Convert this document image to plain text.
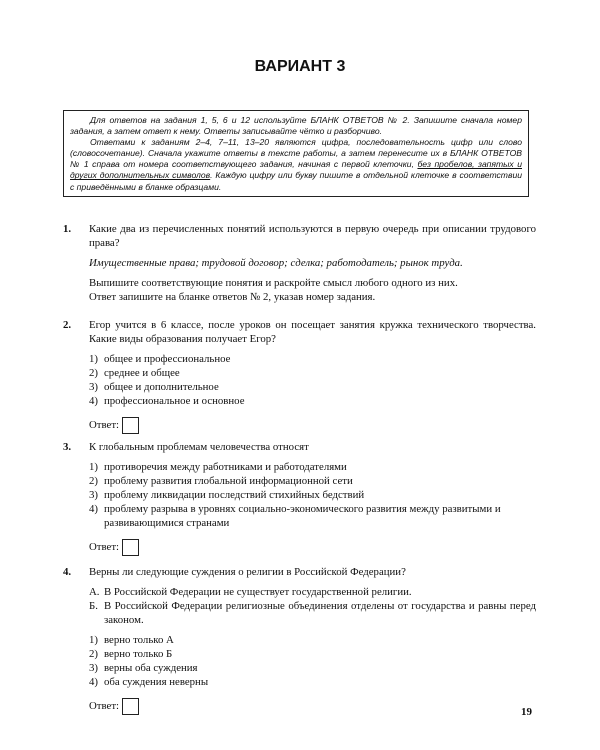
ВАРИАНТ 3

Для ответов на задания 1, 5, 6 и 12 используйте БЛАНК ОТВЕТОВ № 2. Запишите сначала номер задания, а затем ответ к нему. Ответы записывайте чётко и разборчиво.

Ответами к заданиям 2–4, 7–11, 13–20 являются цифра, последовательность цифр или слово (словосочетание). Сначала укажите ответы в тексте работы, а затем перенесите их в БЛАНК ОТВЕТОВ № 1 справа от номера соответствующего задания, начиная с первой клеточки, без пробелов, запятых и других дополнительных символов. Каждую цифру или букву пишите в отдельной клеточке в соответствии с приведёнными в бланке образцами.

1. Какие два из перечисленных понятий используются в первую очередь при описании трудового права?

Имущественные права; трудовой договор; сделка; работодатель; рынок труда.

Выпишите соответствующие понятия и раскройте смысл любого одного из них.

Ответ запишите на бланке ответов № 2, указав номер задания.

2. Егор учится в 6 классе, после уроков он посещает занятия кружка технического творчества. Какие виды образования получает Егор?

1) общее и профессиональное
2) среднее и общее
3) общее и дополнительное
4) профессиональное и основное
Ответ:
3. К глобальным проблемам человечества относят

1) противоречия между работниками и работодателями
2) проблему развития глобальной информационной сети
3) проблему ликвидации последствий стихийных бедствий
4) проблему разрыва в уровнях социально-экономического развития между развитыми и развивающимися странами
Ответ:
4. Верны ли следующие суждения о религии в Российской Федерации?

А. В Российской Федерации не существует государственной религии.
Б. В Российской Федерации религиозные объединения отделены от государства и равны перед законом.
1) верно только А
2) верно только Б
3) верны оба суждения
4) оба суждения неверны
Ответ:	19
